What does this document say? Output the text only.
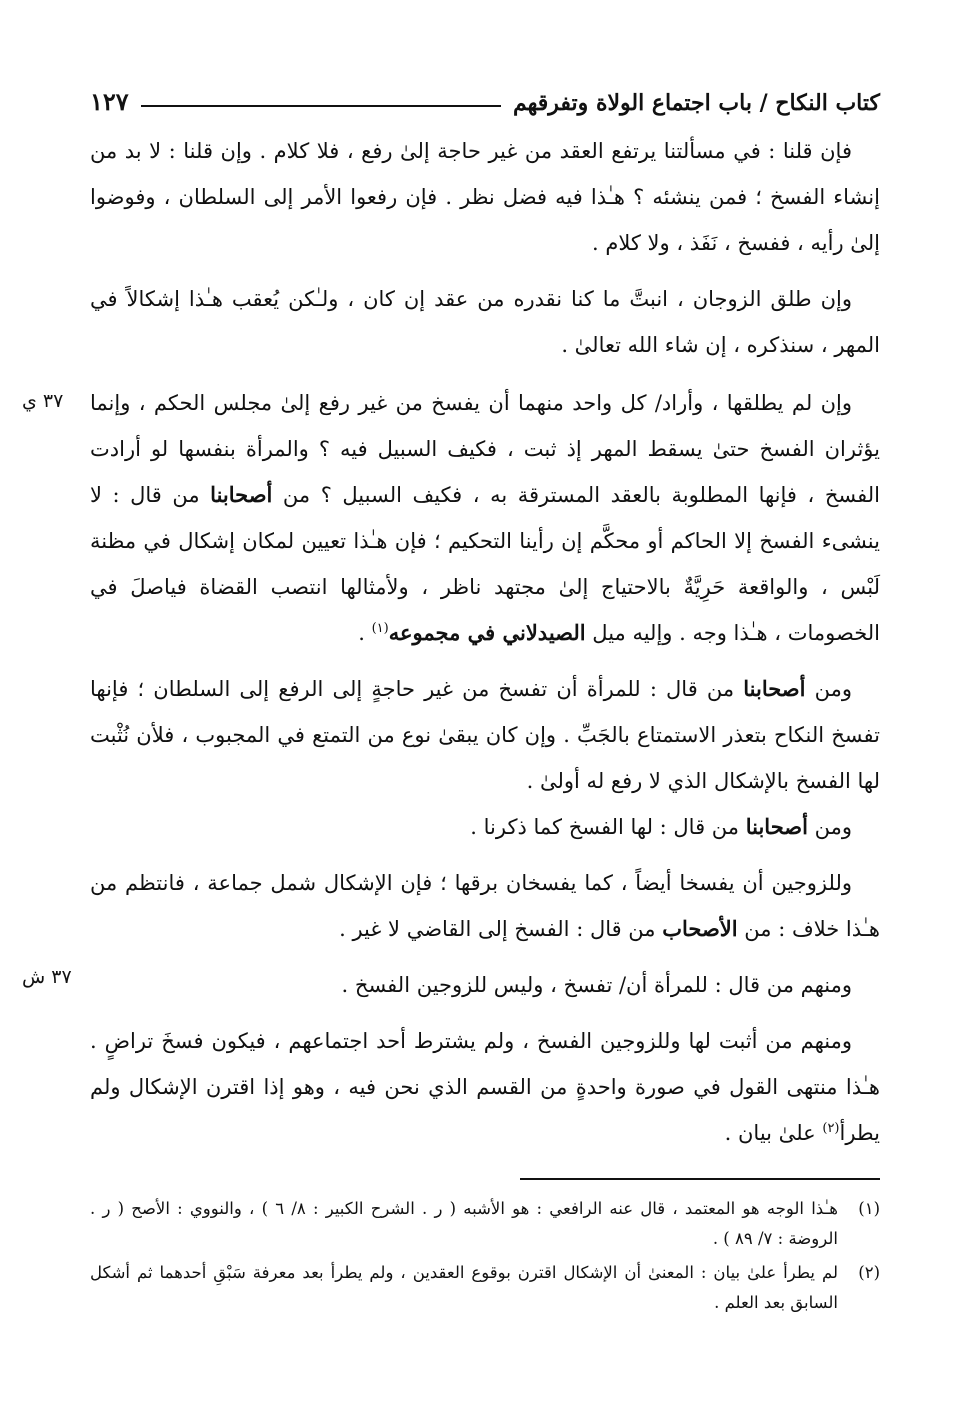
كتاب النكاح / باب اجتماع الولاة وتفرقهم
١٢٧

فإن قلنا : في مسألتنا يرتفع العقد من غير حاجة إلىٰ رفع ، فلا كلام . وإن قلنا : لا بد من إنشاء الفسخ ؛ فمن ينشئه ؟ هـٰذا فيه فضل نظر . فإن رفعوا الأمر إلى السلطان ، وفوضوا إلىٰ رأيه ، ففسخ ، نَفَذ ، ولا كلام .

وإن طلق الزوجان ، انبتَّ ما كنا نقدره من عقد إن كان ، ولـٰكن يُعقب هـٰذا إشكالاً في المهر ، سنذكره ، إن شاء الله تعالىٰ .

وإن لم يطلقها ، وأراد/ كل واحد منهما أن يفسخ من غير رفع إلىٰ مجلس الحكم ، وإنما يؤثران الفسخ حتىٰ يسقط المهر إذ ثبت ، فكيف السبيل فيه ؟ والمرأة بنفسها لو أرادت الفسخ ، فإنها المطلوبة بالعقد المسترقة به ، فكيف السبيل ؟ من أصحابنا من قال : لا ينشىء الفسخ إلا الحاكم أو محكَّم إن رأينا التحكيم ؛ فإن هـٰذا تعيين لمكان إشكال في مظنة لَبْس ، والواقعة حَرِيَّةٌ بالاحتياج إلىٰ مجتهد ناظر ، ولأمثالها انتصب القضاة فياصلَ في الخصومات ، هـٰذا وجه . وإليه ميل الصيدلاني في مجموعه$^{(١)}$ .

ومن أصحابنا من قال : للمرأة أن تفسخ من غير حاجةٍ إلى الرفع إلى السلطان ؛ فإنها تفسخ النكاح بتعذر الاستمتاع بالجَبِّ . وإن كان يبقىٰ نوع من التمتع في المجبوب ، فلأن نُثْبت لها الفسخ بالإشكال الذي لا رفع له أولىٰ .

ومن أصحابنا من قال : لها الفسخ كما ذكرنا .

وللزوجين أن يفسخا أيضاً ، كما يفسخان برقها ؛ فإن الإشكال شمل جماعة ، فانتظم من هـٰذا خلاف : من الأصحاب من قال : الفسخ إلى القاضي لا غير .

ومنهم من قال : للمرأة أن/ تفسخ ، وليس للزوجين الفسخ .

ومنهم من أثبت لها وللزوجين الفسخ ، ولم يشترط أحد اجتماعهم ، فيكون فسخَ تراضٍ . هـٰذا منتهى القول في صورة واحدةٍ من القسم الذي نحن فيه ، وهو إذا اقترن الإشكال ولم يطرأ$^{(٢)}$ علىٰ بيان .

(١)
هـٰذا الوجه هو المعتمد ، قال عنه الرافعي : هو الأشبه ( ر . الشرح الكبير : ٨/ ٦ ) ، والنووي : الأصح ( ر . الروضة : ٧/ ٨٩ ) .
(٢)
لم يطرأ علىٰ بيان : المعنىٰ أن الإشكال اقترن بوقوع العقدين ، ولم يطرأ بعد معرفة سَبْقِ أحدهما ثم أشكل السابق بعد العلم .
٣٧ ي
٣٧ ش
